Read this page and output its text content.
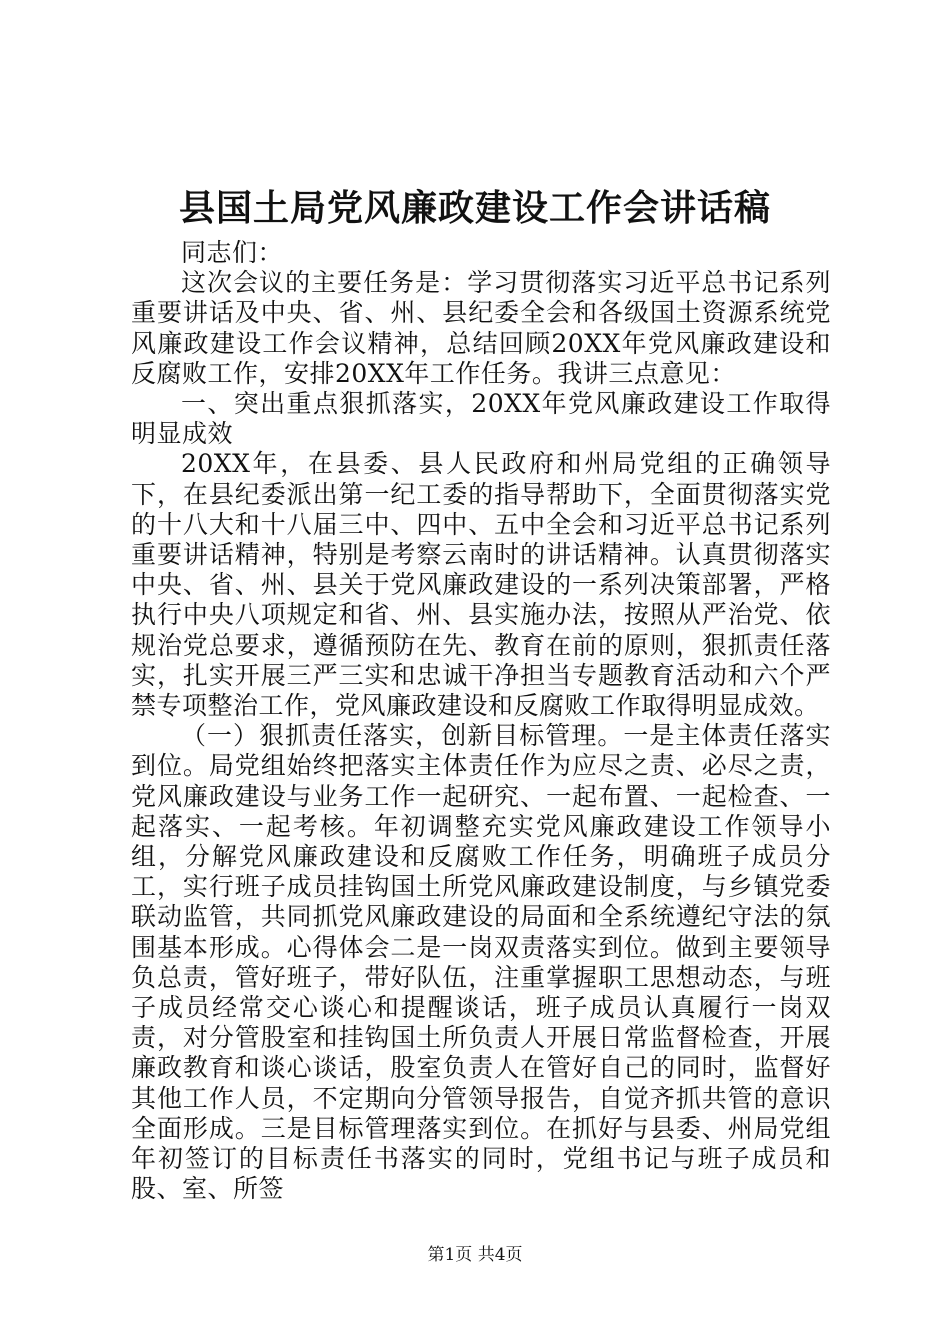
县国土局党风廉政建设工作会讲话稿

同志们：

这次会议的主要任务是：学习贯彻落实习近平总书记系列重要讲话及中央、省、州、县纪委全会和各级国土资源系统党风廉政建设工作会议精神，总结回顾20XX年党风廉政建设和反腐败工作，安排20XX年工作任务。我讲三点意见：

一、突出重点狠抓落实，20XX年党风廉政建设工作取得明显成效

20XX年，在县委、县人民政府和州局党组的正确领导下，在县纪委派出第一纪工委的指导帮助下，全面贯彻落实党的十八大和十八届三中、四中、五中全会和习近平总书记系列重要讲话精神，特别是考察云南时的讲话精神。认真贯彻落实中央、省、州、县关于党风廉政建设的一系列决策部署，严格执行中央八项规定和省、州、县实施办法，按照从严治党、依规治党总要求，遵循预防在先、教育在前的原则，狠抓责任落实，扎实开展三严三实和忠诚干净担当专题教育活动和六个严禁专项整治工作，党风廉政建设和反腐败工作取得明显成效。

（一）狠抓责任落实，创新目标管理。一是主体责任落实到位。局党组始终把落实主体责任作为应尽之责、必尽之责，党风廉政建设与业务工作一起研究、一起布置、一起检查、一起落实、一起考核。年初调整充实党风廉政建设工作领导小组，分解党风廉政建设和反腐败工作任务，明确班子成员分工，实行班子成员挂钩国土所党风廉政建设制度，与乡镇党委联动监管，共同抓党风廉政建设的局面和全系统遵纪守法的氛围基本形成。心得体会二是一岗双责落实到位。做到主要领导负总责，管好班子，带好队伍，注重掌握职工思想动态，与班子成员经常交心谈心和提醒谈话，班子成员认真履行一岗双责，对分管股室和挂钩国土所负责人开展日常监督检查，开展廉政教育和谈心谈话，股室负责人在管好自己的同时，监督好其他工作人员，不定期向分管领导报告，自觉齐抓共管的意识全面形成。三是目标管理落实到位。在抓好与县委、州局党组年初签订的目标责任书落实的同时，党组书记与班子成员和股、室、所签

第1页 共4页
